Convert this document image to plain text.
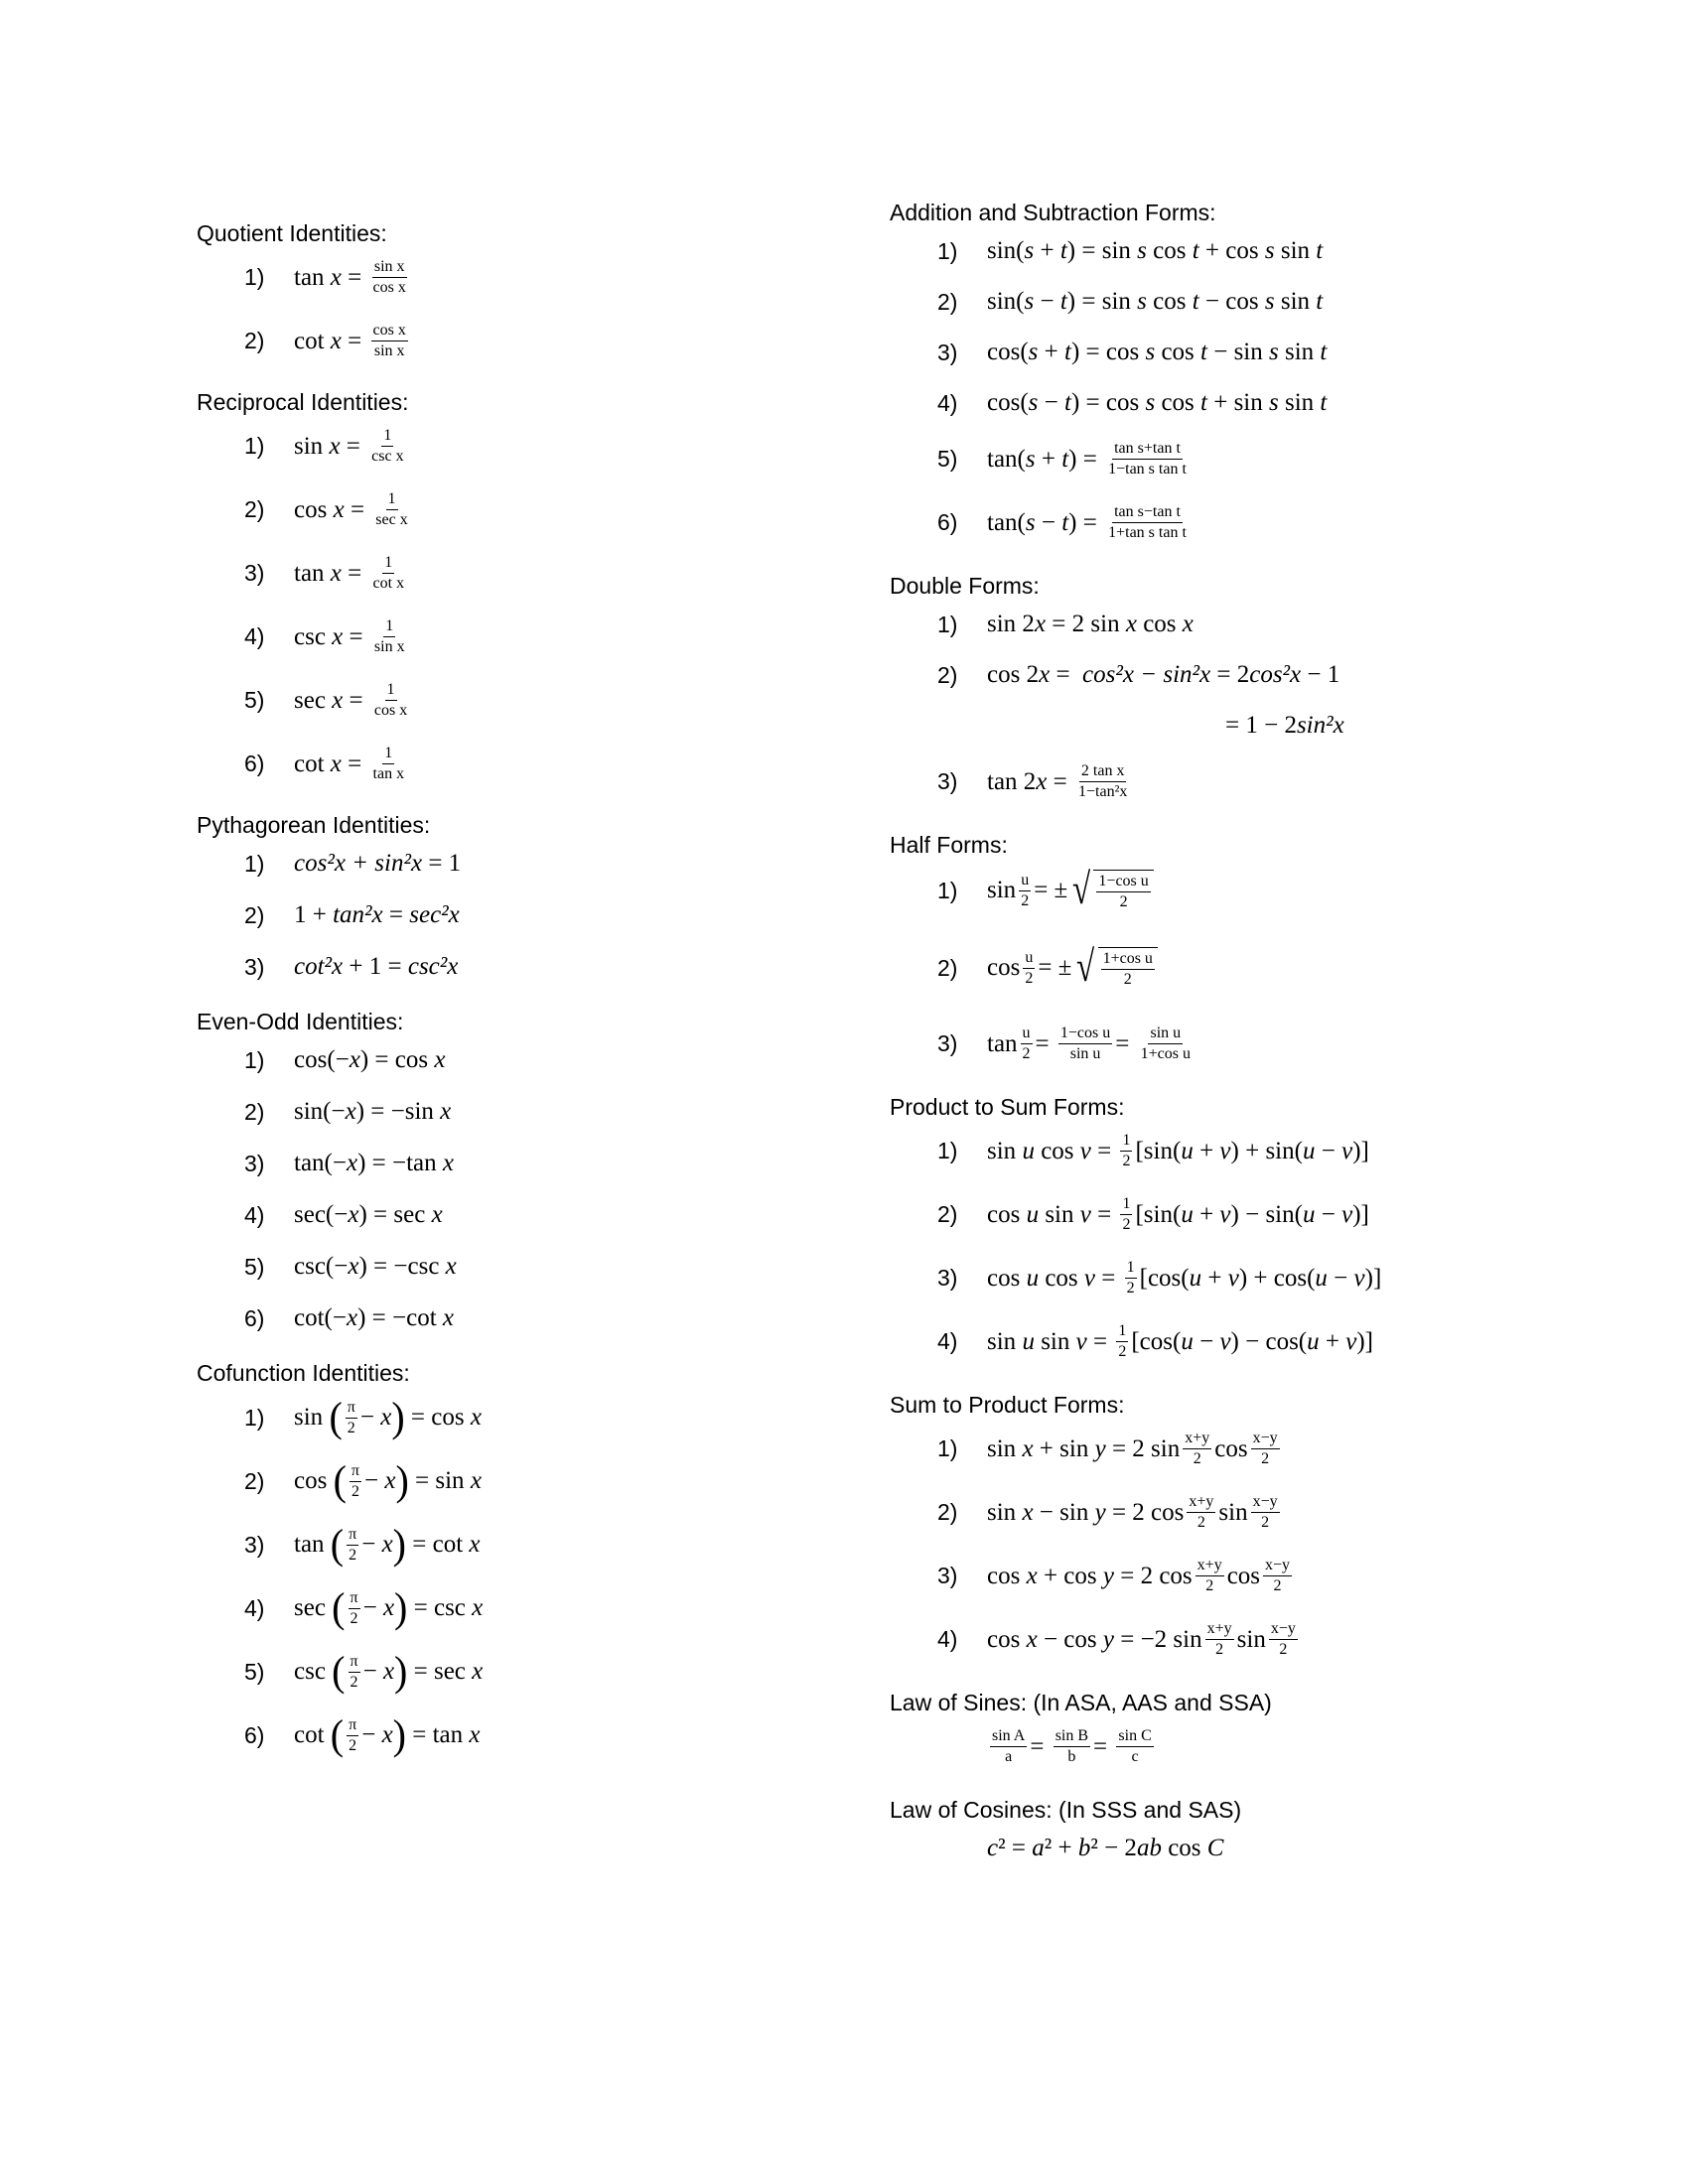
Quotient Identities:
1)	$\tan x = \frac{\text{sin x}}{\text{cos x}}$
2)	$\cot x = \frac{\text{cos x}}{\text{sin x}}$
Reciprocal Identities:
1)	$\sin x = \frac{1}{\text{csc x}}$
2)	$\cos x = \frac{1}{\text{sec x}}$
3)	$\tan x = \frac{1}{\text{cot x}}$
4)	$\csc x = \frac{1}{\text{sin x}}$
5)	$\sec x = \frac{1}{\text{cos x}}$
6)	$\cot x = \frac{1}{\text{tan x}}$
Pythagorean Identities:
1)	cos²x + sin²x = 1
2)	1 + tan²x = sec²x
3)	cot²x + 1 = csc²x
Even-Odd Identities:
1)	cos(− x ) = cos x
2)	sin(− x ) = −sin x
3)	tan(− x ) = −tan x
4)	sec(− x ) = sec x
5)	csc(− x ) = −csc x
6)	cot(− x ) = −cot x
Cofunction Identities:
1)	sin ( $\frac{\pi}{2} - x$ ) = cos x
2)	cos ( $\frac{\pi}{2} - x$ ) = sin x
3)	tan ( $\frac{\pi}{2} - x$ ) = cot x
4)	sec ( $\frac{\pi}{2} - x$ ) = csc x
5)	csc ( $\frac{\pi}{2} - x$ ) = sec x
6)	cot ( $\frac{\pi}{2} - x$ ) = tan x
Addition and Subtraction Forms:
1)	sin( s + t ) = sin s cos t + cos s sin t
2)	sin( s − t ) = sin s cos t − cos s sin t
3)	cos( s + t ) = cos s cos t − sin s sin t
4)	cos( s − t ) = cos s cos t + sin s sin t
5)	tan( s + t ) = $\frac{\text{tan s+tan t}}{\text{1−tan s tan t}}$
6)	tan( s − t ) = $\frac{\text{tan s−tan t}}{\text{1+tan s tan t}}$
Double Forms:
1)	sin 2 x = 2 sin x cos x
2)	cos 2 x = cos²x − sin²x = 2 cos²x − 1
= 1 − 2 sin²x
3)	tan 2 $x = \frac{\text{2 tan x}}{\text{1−tan²x}}$
Half Forms:
1)	$\sin \frac{u}{2}$ = ± √ $\frac{\text{1−cos u}}{2}$
2)	$\cos \frac{u}{2}$ = ± √ $\frac{\text{1+cos u}}{2}$
3)	$\tan \frac{u}{2} = \frac{\text{1−cos u}}{\text{sin u}} = \frac{\text{sin u}}{\text{1+cos u}}$
Product to Sum Forms:
1)	sin u $\cos v = \frac{1}{2} [\sin$( u + v ) + sin( u − v )]
2)	cos u $\sin v = \frac{1}{2} [\sin$( u + v ) − sin( u − v )]
3)	cos u $\cos v = \frac{1}{2} [\cos$( u + v ) + cos( u − v )]
4)	sin u $\sin v = \frac{1}{2} [\cos$( u − v ) − cos( u + v )]
Sum to Product Forms:
1)	sin x + sin y = 2 $\sin \frac{x+y}{2}$ $\cos \frac{x-y}{2}$
2)	sin x − sin y = 2 $\cos \frac{x+y}{2}$ $\sin \frac{x-y}{2}$
3)	cos x + cos y = 2 $\cos \frac{x+y}{2}$ $\cos \frac{x-y}{2}$
4)	cos x − cos y = −2 $\sin \frac{x+y}{2}$ $\sin \frac{x-y}{2}$
Law of Sines: (In ASA, AAS and SSA)
$\frac{\text{sin A}}{a} = \frac{\text{sin B}}{b} = \frac{\text{sin C}}{c}$
Law of Cosines: (In SSS and SAS)
c ² = a ² + b ² − 2 ab cos C
